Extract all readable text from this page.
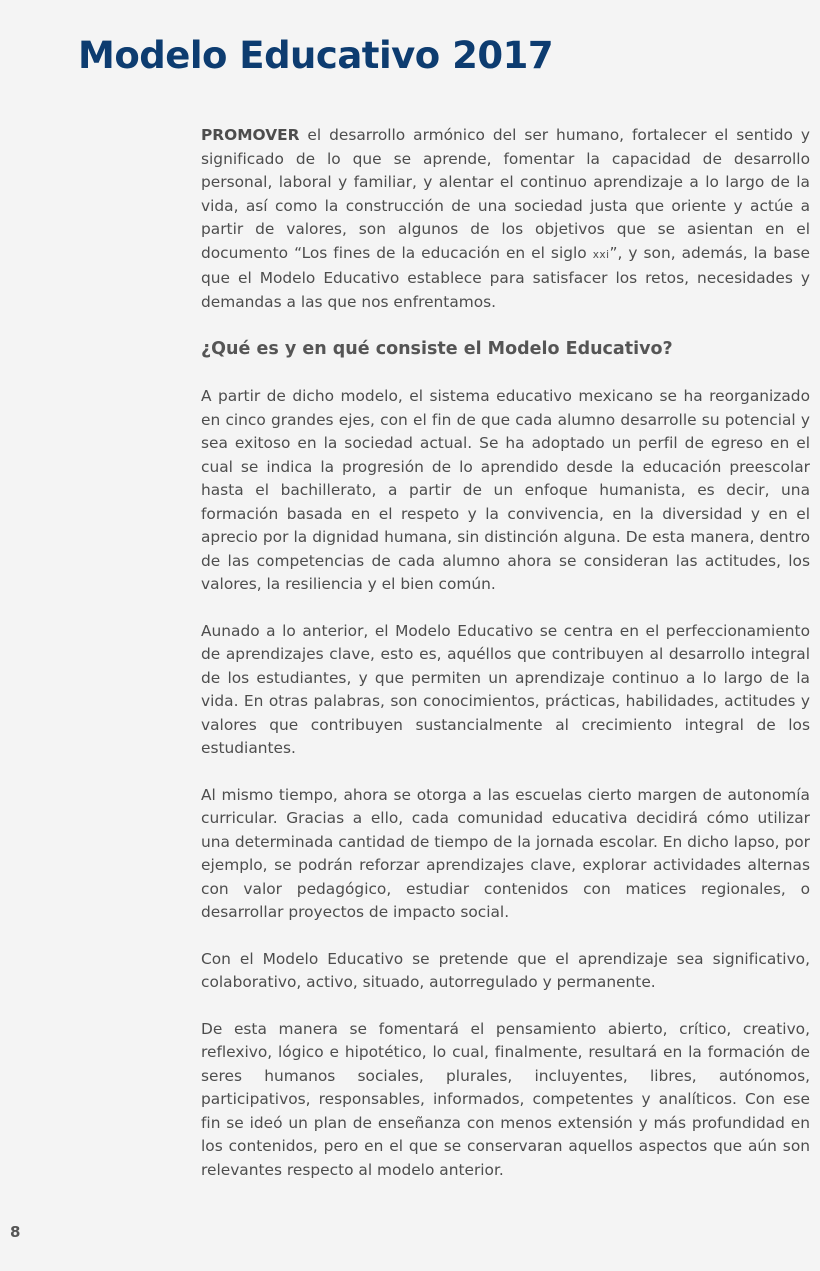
Modelo Educativo 2017

PROMOVER el desarrollo armónico del ser humano, fortalecer el sentido y significado de lo que se aprende, fomentar la capacidad de desarrollo personal, laboral y familiar, y alentar el continuo aprendizaje a lo largo de la vida, así como la construcción de una sociedad justa que oriente y actúe a partir de valores, son algunos de los objetivos que se asientan en el documento “Los fines de la educación en el siglo xxi”, y son, además, la base que el Modelo Educativo establece para satisfacer los retos, necesidades y demandas a las que nos enfrentamos.

¿Qué es y en qué consiste el Modelo Educativo?

A partir de dicho modelo, el sistema educativo mexicano se ha reorganizado en cinco grandes ejes, con el fin de que cada alumno desarrolle su potencial y sea exitoso en la sociedad actual. Se ha adoptado un perfil de egreso en el cual se indica la progresión de lo aprendido desde la educación preescolar hasta el bachillerato, a partir de un enfoque humanista, es decir, una formación basada en el respeto y la convivencia, en la diversidad y en el aprecio por la dignidad humana, sin distinción alguna. De esta manera, dentro de las competencias de cada alumno ahora se consideran las actitudes, los valores, la resiliencia y el bien común.

Aunado a lo anterior, el Modelo Educativo se centra en el perfeccionamiento de aprendizajes clave, esto es, aquéllos que contribuyen al desarrollo integral de los estudiantes, y que permiten un aprendizaje continuo a lo largo de la vida. En otras palabras, son conocimientos, prácticas, habilidades, actitudes y valores que contribuyen sustancialmente al crecimiento integral de los estudiantes.

Al mismo tiempo, ahora se otorga a las escuelas cierto margen de autonomía curricular. Gracias a ello, cada comunidad educativa decidirá cómo utilizar una determinada cantidad de tiempo de la jornada escolar. En dicho lapso, por ejemplo, se podrán reforzar aprendizajes clave, explorar actividades alternas con valor pedagógico, estudiar contenidos con matices regionales, o desarrollar proyectos de impacto social.

Con el Modelo Educativo se pretende que el aprendizaje sea significativo, colaborativo, activo, situado, autorregulado y permanente.

De esta manera se fomentará el pensamiento abierto, crítico, creativo, reflexivo, lógico e hipotético, lo cual, finalmente, resultará en la formación de seres humanos sociales, plurales, incluyentes, libres, autónomos, participativos, responsables, informados, competentes y analíticos. Con ese fin se ideó un plan de enseñanza con menos extensión y más profundidad en los contenidos, pero en el que se conservaran aquellos aspectos que aún son relevantes respecto al modelo anterior.

8
